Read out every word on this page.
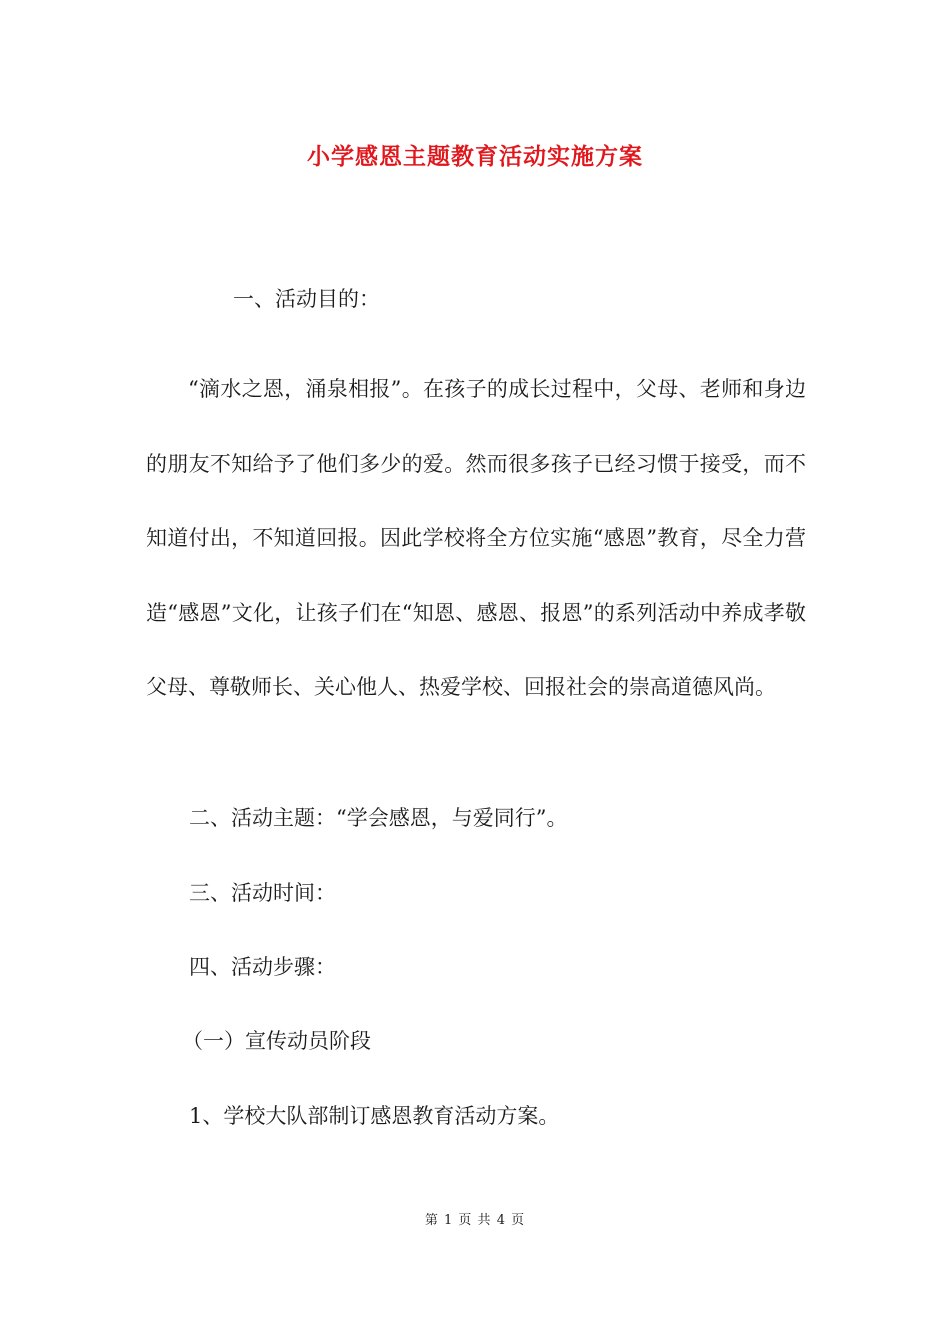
小学感恩主题教育活动实施方案
一、活动目的：

“滴水之恩，涌泉相报”。在孩子的成长过程中，父母、老师和身边的朋友不知给予了他们多少的爱。然而很多孩子已经习惯于接受，而不知道付出，不知道回报。因此学校将全方位实施“感恩”教育，尽全力营造“感恩”文化，让孩子们在“知恩、感恩、报恩”的系列活动中养成孝敬父母、尊敬师长、关心他人、热爱学校、回报社会的崇高道德风尚。

二、活动主题：“学会感恩，与爱同行”。
三、活动时间：
四、活动步骤：
（一）宣传动员阶段
1、学校大队部制订感恩教育活动方案。
第 1 页 共 4 页
